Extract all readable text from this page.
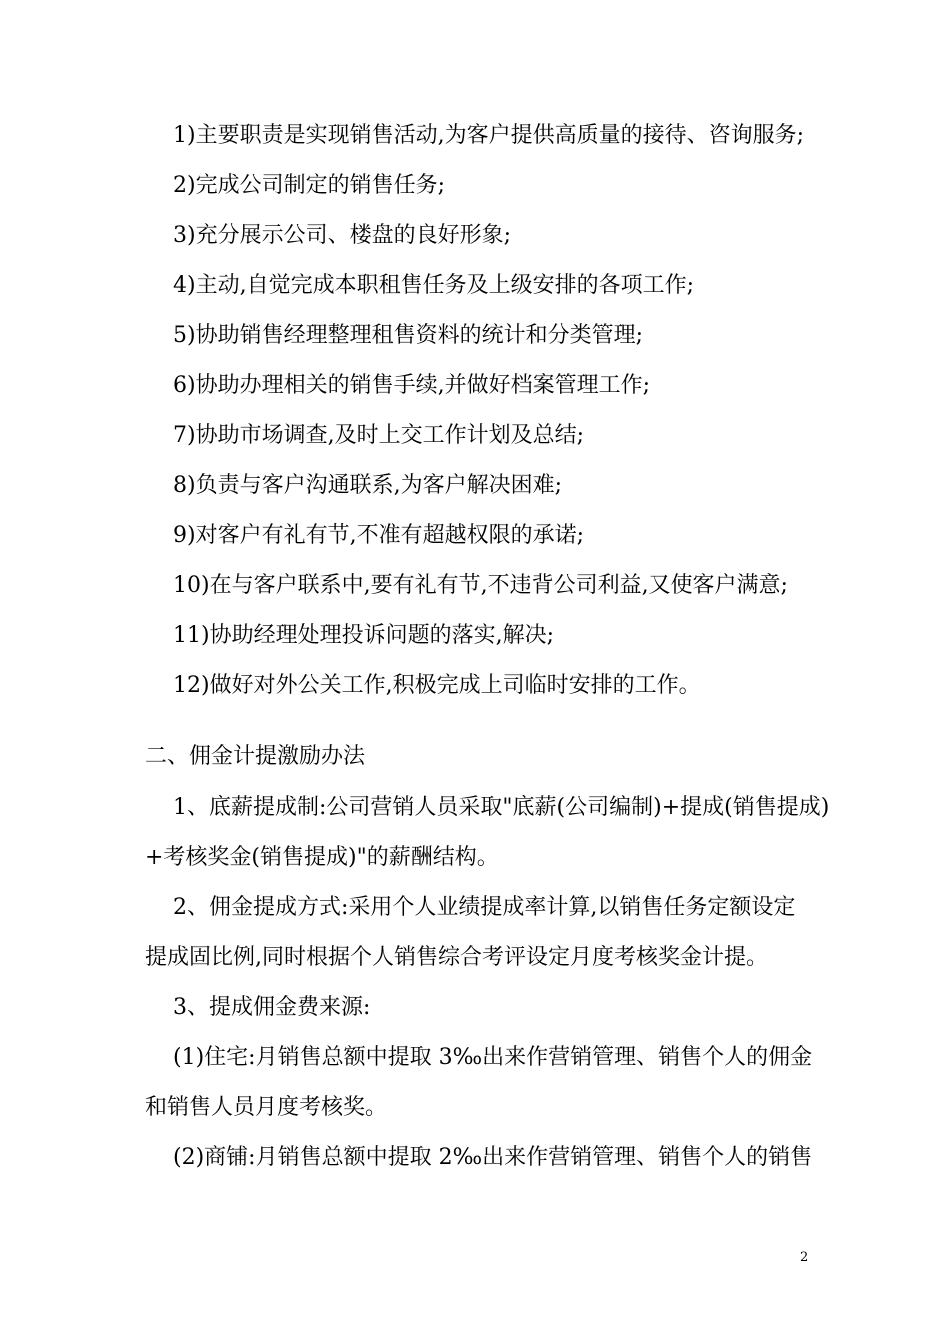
1)主要职责是实现销售活动,为客户提供高质量的接待、咨询服务;
2)完成公司制定的销售任务;
3)充分展示公司、楼盘的良好形象;
4)主动,自觉完成本职租售任务及上级安排的各项工作;
5)协助销售经理整理租售资料的统计和分类管理;
6)协助办理相关的销售手续,并做好档案管理工作;
7)协助市场调查,及时上交工作计划及总结;
8)负责与客户沟通联系,为客户解决困难;
9)对客户有礼有节,不准有超越权限的承诺;
10)在与客户联系中,要有礼有节,不违背公司利益,又使客户满意;
11)协助经理处理投诉问题的落实,解决;
12)做好对外公关工作,积极完成上司临时安排的工作。
二、佣金计提激励办法
1、底薪提成制:公司营销人员采取"底薪(公司编制)+提成(销售提成)
+考核奖金(销售提成)"的薪酬结构。
2、佣金提成方式:采用个人业绩提成率计算,以销售任务定额设定
提成固比例,同时根据个人销售综合考评设定月度考核奖金计提。
3、提成佣金费来源:
(1)住宅:月销售总额中提取 3‰出来作营销管理、销售个人的佣金
和销售人员月度考核奖。
(2)商铺:月销售总额中提取 2‰出来作营销管理、销售个人的销售
2
